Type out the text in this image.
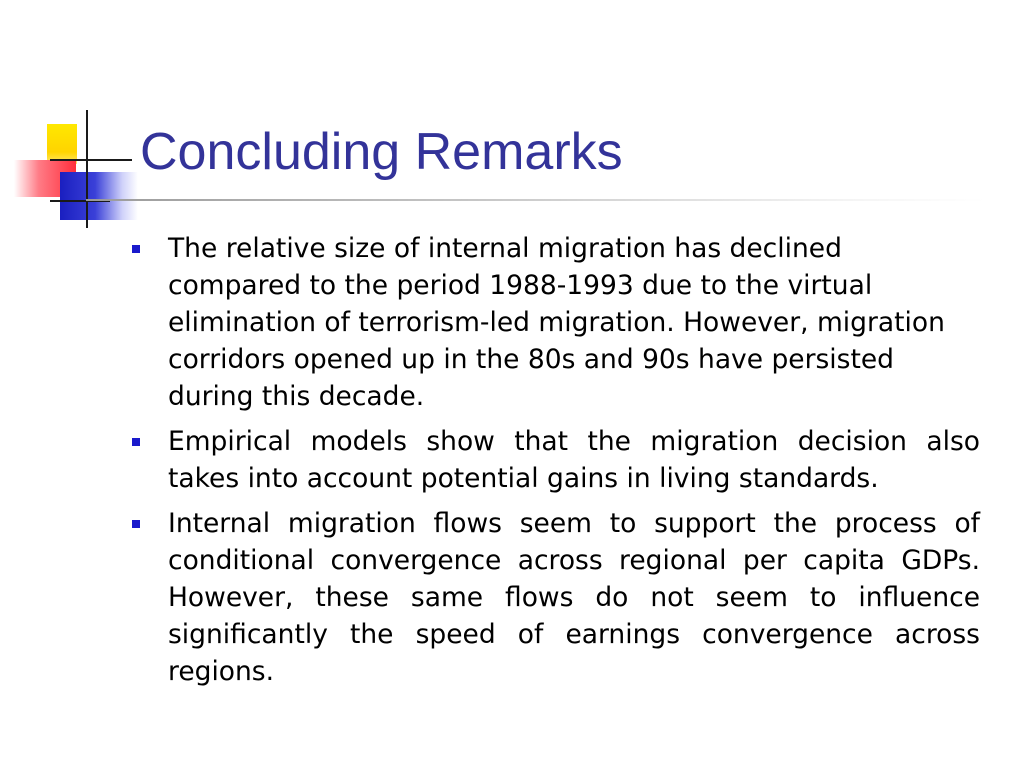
Concluding Remarks
The relative size of internal migration has declined compared to the period 1988-1993 due to the virtual elimination of terrorism-led migration. However, migration corridors opened up in the 80s and 90s have persisted during this decade.
Empirical models show that the migration decision also takes into account potential gains in living standards.
Internal migration flows seem to support the process of conditional convergence across regional per capita GDPs. However, these same flows do not seem to influence significantly the speed of earnings convergence across regions.
